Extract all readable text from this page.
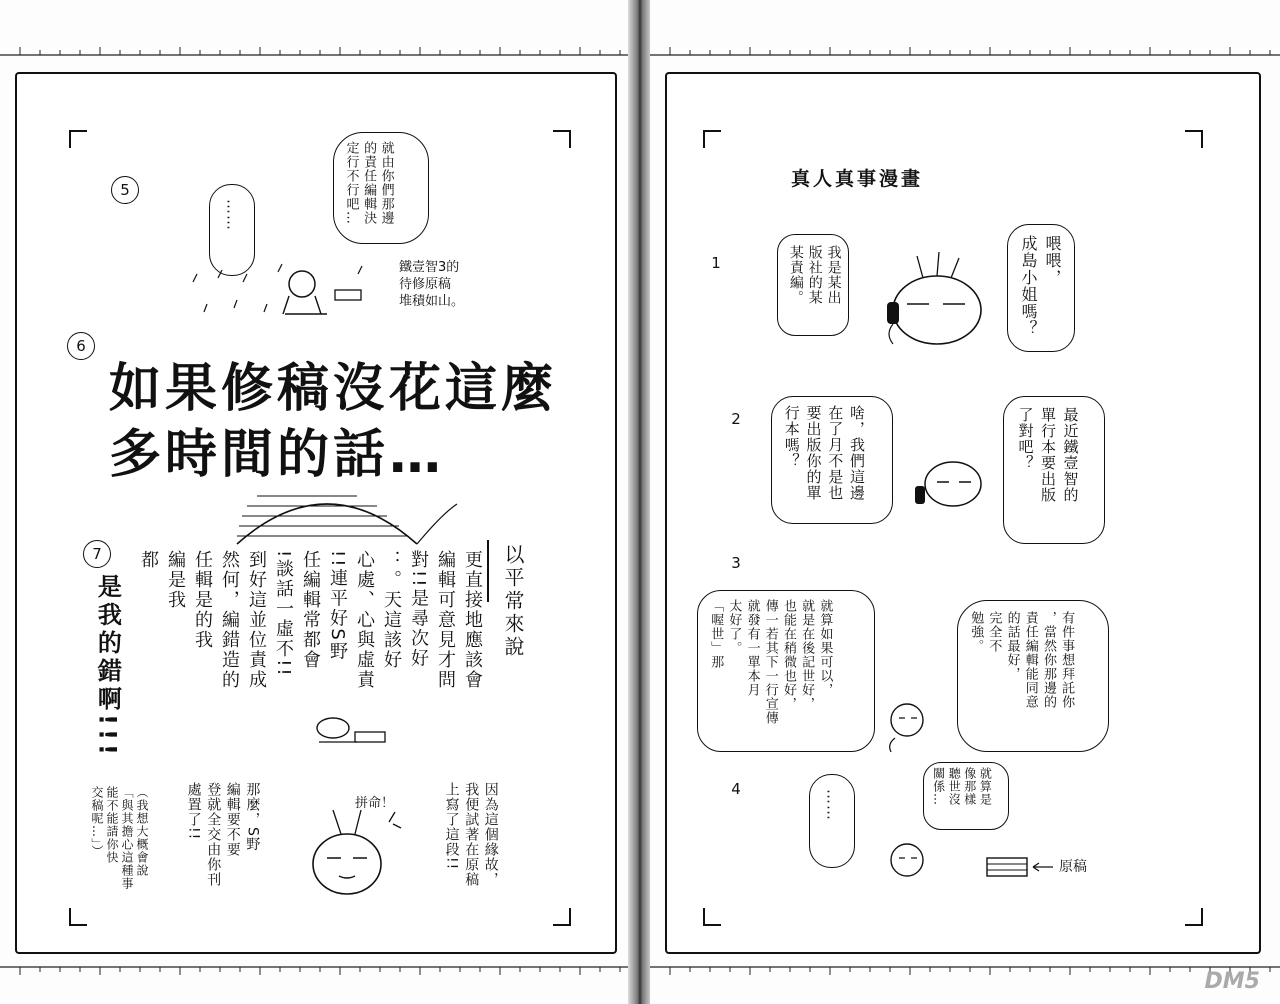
5
……	就由你們那邊
的責任編輯決
定行不行吧…
鐵壹智3的
待修原稿
堆積如山。
6
如果修稿沒花這麼
多時間的話…
7
是我的錯啊!!!	以平常來說
更直接地應該會
編輯可意見才問
對!!是尋次好
：。天這該好
心處、心與虛責
!!連平好S野
任編輯常都會
!談話一虛不!!
到好這並位責成
然何，編錯造的
任輯是的我
編是我
都
（我想大概會說
「與其擔心這種事
能不能請你快
交稿呢…」）	那麼，S野
編輯要不要
登就全交由你刊
處置了!!	拼命！	因為這個緣故，
我便試著在原稿
上寫了這段!!
真人真事漫畫
1	我是某出
版社的某
某責編。	喂喂，
成島小姐嗎？
2	啥，我們這邊
在了月不是也
要出版你的單
行本嗎？	最近鐵壹智的
單行本要出版
了對吧？
3
就算如果可以，
就是在後記世好，
也能在稍微也好，
傳一若其下一行宣傳
就發有一單本月
太好了。
「喔世」那	有件事想拜託你
，當然你那邊的
責任編輯能同意
的話最好，
完全不
勉強。
4	……	就算是
像那樣
聽世沒
關係…
原稿
DM5
